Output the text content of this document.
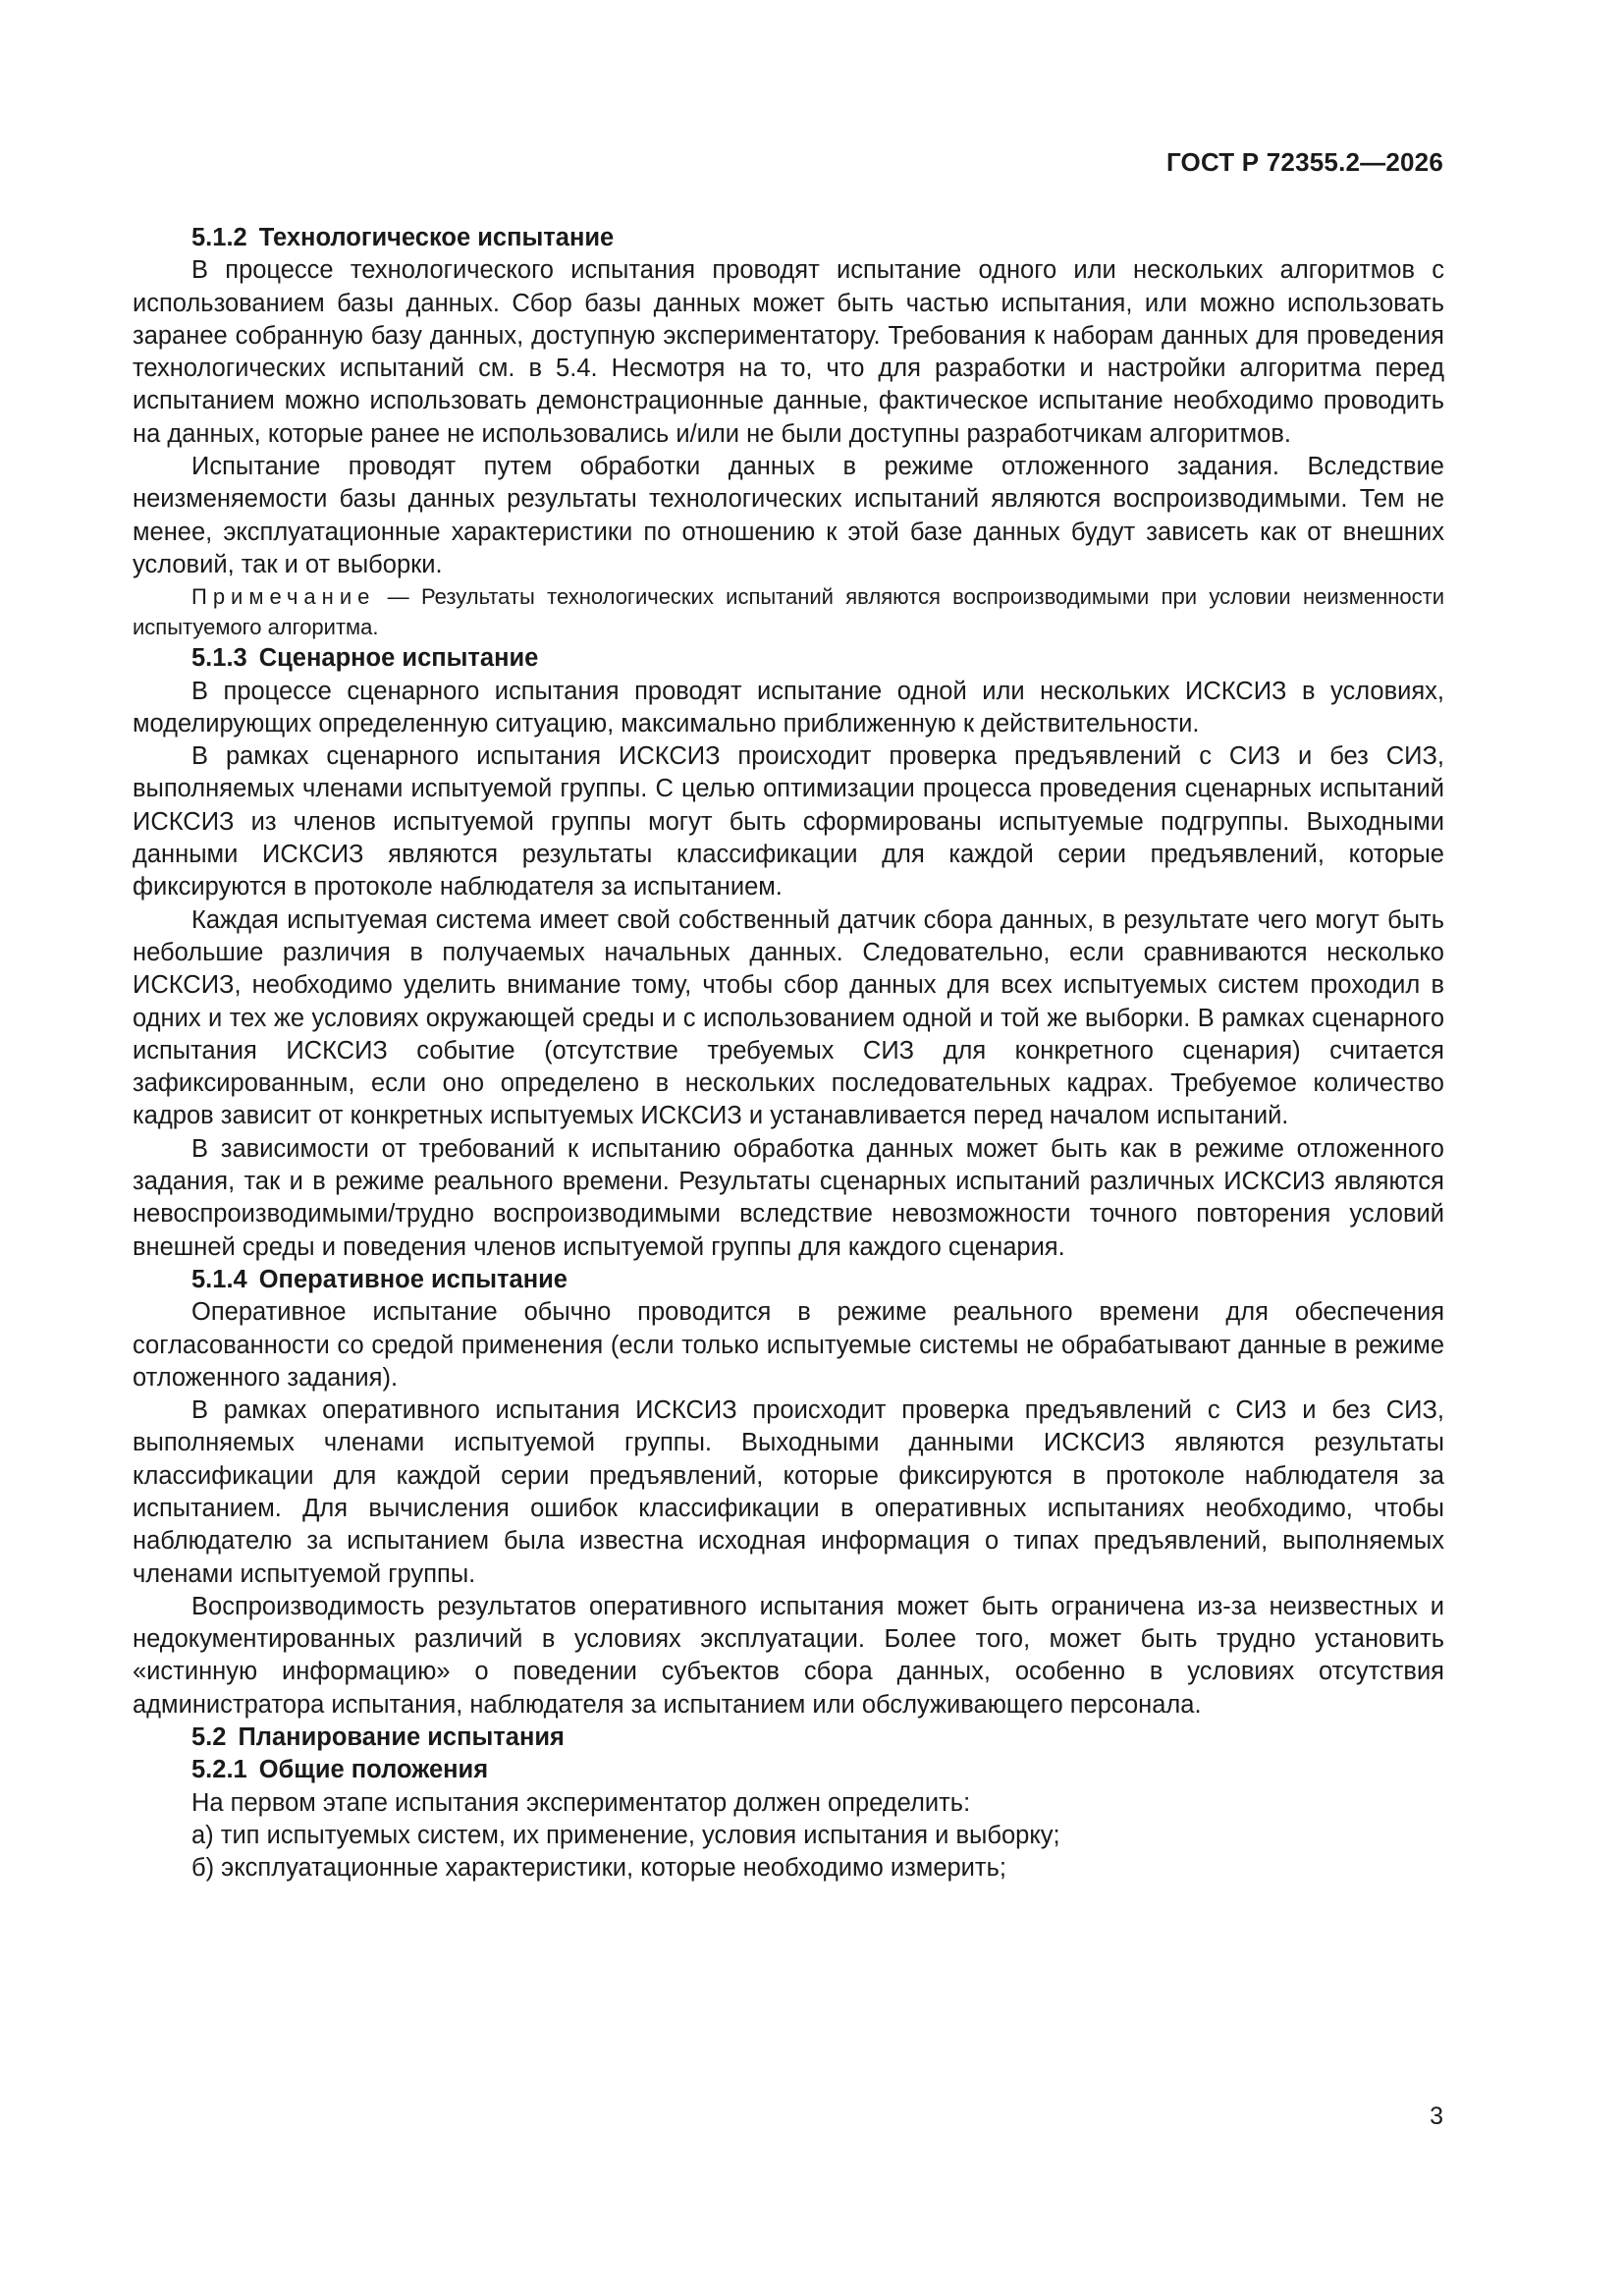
ГОСТ Р 72355.2—2026
5.1.2 Технологическое испытание

В процессе технологического испытания проводят испытание одного или нескольких алгоритмов с использованием базы данных. Сбор базы данных может быть частью испытания, или можно использовать заранее собранную базу данных, доступную экспериментатору. Требования к наборам данных для проведения технологических испытаний см. в 5.4. Несмотря на то, что для разработки и настройки алгоритма перед испытанием можно использовать демонстрационные данные, фактическое испытание необходимо проводить на данных, которые ранее не использовались и/или не были доступны разработчикам алгоритмов.

Испытание проводят путем обработки данных в режиме отложенного задания. Вследствие неизменяемости базы данных результаты технологических испытаний являются воспроизводимыми. Тем не менее, эксплуатационные характеристики по отношению к этой базе данных будут зависеть как от внешних условий, так и от выборки.

Примечание — Результаты технологических испытаний являются воспроизводимыми при условии неизменности испытуемого алгоритма.

5.1.3 Сценарное испытание

В процессе сценарного испытания проводят испытание одной или нескольких ИСКСИЗ в условиях, моделирующих определенную ситуацию, максимально приближенную к действительности.

В рамках сценарного испытания ИСКСИЗ происходит проверка предъявлений с СИЗ и без СИЗ, выполняемых членами испытуемой группы. С целью оптимизации процесса проведения сценарных испытаний ИСКСИЗ из членов испытуемой группы могут быть сформированы испытуемые подгруппы. Выходными данными ИСКСИЗ являются результаты классификации для каждой серии предъявлений, которые фиксируются в протоколе наблюдателя за испытанием.

Каждая испытуемая система имеет свой собственный датчик сбора данных, в результате чего могут быть небольшие различия в получаемых начальных данных. Следовательно, если сравниваются несколько ИСКСИЗ, необходимо уделить внимание тому, чтобы сбор данных для всех испытуемых систем проходил в одних и тех же условиях окружающей среды и с использованием одной и той же выборки. В рамках сценарного испытания ИСКСИЗ событие (отсутствие требуемых СИЗ для конкретного сценария) считается зафиксированным, если оно определено в нескольких последовательных кадрах. Требуемое количество кадров зависит от конкретных испытуемых ИСКСИЗ и устанавливается перед началом испытаний.

В зависимости от требований к испытанию обработка данных может быть как в режиме отложенного задания, так и в режиме реального времени. Результаты сценарных испытаний различных ИСКСИЗ являются невоспроизводимыми/трудно воспроизводимыми вследствие невозможности точного повторения условий внешней среды и поведения членов испытуемой группы для каждого сценария.

5.1.4 Оперативное испытание

Оперативное испытание обычно проводится в режиме реального времени для обеспечения согласованности со средой применения (если только испытуемые системы не обрабатывают данные в режиме отложенного задания).

В рамках оперативного испытания ИСКСИЗ происходит проверка предъявлений с СИЗ и без СИЗ, выполняемых членами испытуемой группы. Выходными данными ИСКСИЗ являются результаты классификации для каждой серии предъявлений, которые фиксируются в протоколе наблюдателя за испытанием. Для вычисления ошибок классификации в оперативных испытаниях необходимо, чтобы наблюдателю за испытанием была известна исходная информация о типах предъявлений, выполняемых членами испытуемой группы.

Воспроизводимость результатов оперативного испытания может быть ограничена из-за неизвестных и недокументированных различий в условиях эксплуатации. Более того, может быть трудно установить «истинную информацию» о поведении субъектов сбора данных, особенно в условиях отсутствия администратора испытания, наблюдателя за испытанием или обслуживающего персонала.

5.2 Планирование испытания
5.2.1 Общие положения

На первом этапе испытания экспериментатор должен определить:

а) тип испытуемых систем, их применение, условия испытания и выборку;

б) эксплуатационные характеристики, которые необходимо измерить;

3
